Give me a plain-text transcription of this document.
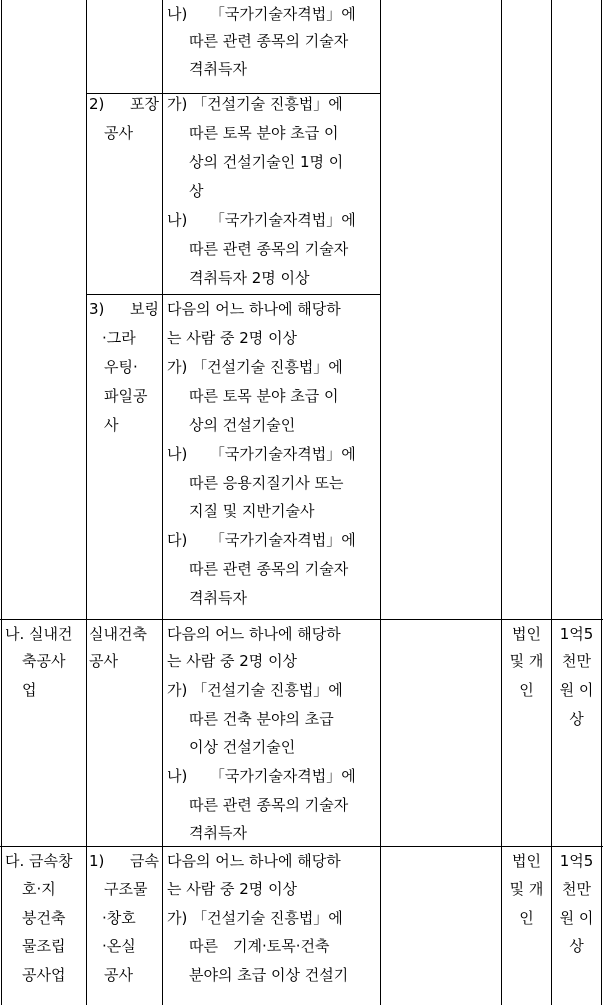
나)　　「국가기술자격법」에
따른 관련 종목의 기술자
격취득자
2) 포장
공사
가) 「건설기술 진흥법」에
따른 토목 분야 초급 이
상의 건설기술인 1명 이
상
나)　　「국가기술자격법」에
따른 관련 종목의 기술자
격취득자 2명 이상
3) 보링
·그라
우팅·
파일공
사
다음의 어느 하나에 해당하
는 사람 중 2명 이상
가) 「건설기술 진흥법」에
따른 토목 분야 초급 이
상의 건설기술인
나)　　「국가기술자격법」에
따른 응용지질기사 또는
지질 및 지반기술사
다)　　「국가기술자격법」에
따른 관련 종목의 기술자
격취득자
나. 실내건
축공사
업
실내건축
공사
다음의 어느 하나에 해당하
는 사람 중 2명 이상
가) 「건설기술 진흥법」에
따른 건축 분야의 초급
이상 건설기술인
나)　　「국가기술자격법」에
따른 관련 종목의 기술자
격취득자
법인
및 개
인
1억5
천만
원 이
상
다. 금속창
호·지
붕건축
물조립
공사업
1) 금속
구조물
·창호
·온실
공사
다음의 어느 하나에 해당하
는 사람 중 2명 이상
가) 「건설기술 진흥법」에
따른　기계·토목·건축
분야의 초급 이상 건설기
법인
및 개
인
1억5
천만
원 이
상
